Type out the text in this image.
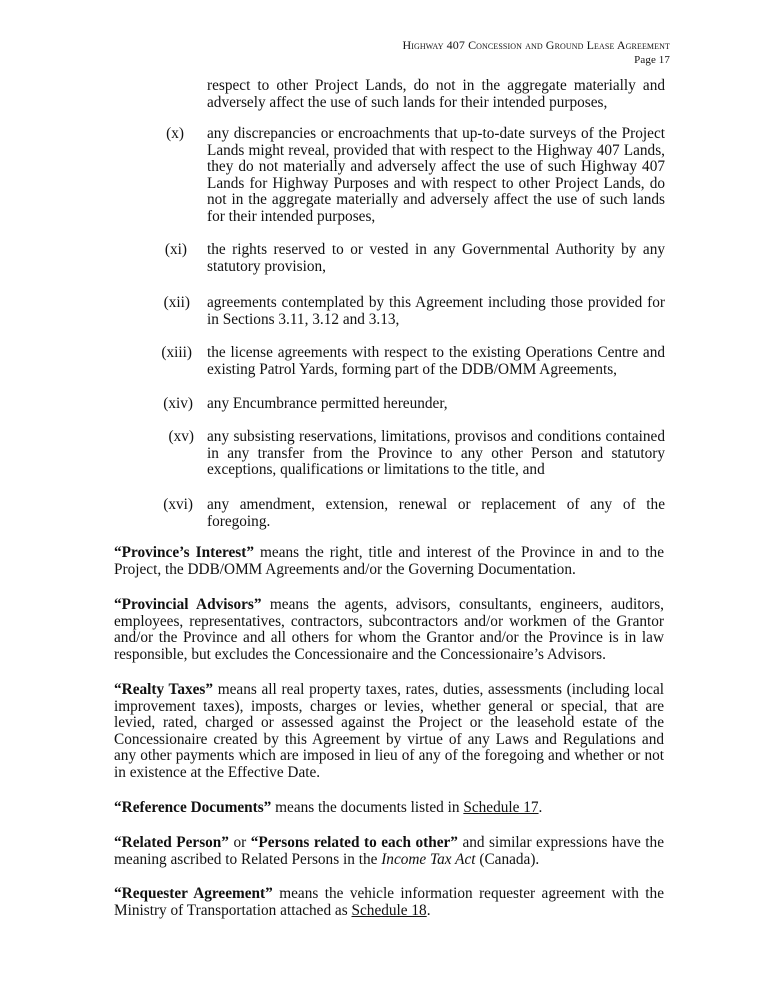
Highway 407 Concession and Ground Lease Agreement
Page 17
respect to other Project Lands, do not in the aggregate materially and adversely affect the use of such lands for their intended purposes,
(x) any discrepancies or encroachments that up-to-date surveys of the Project Lands might reveal, provided that with respect to the Highway 407 Lands, they do not materially and adversely affect the use of such Highway 407 Lands for Highway Purposes and with respect to other Project Lands, do not in the aggregate materially and adversely affect the use of such lands for their intended purposes,
(xi) the rights reserved to or vested in any Governmental Authority by any statutory provision,
(xii) agreements contemplated by this Agreement including those provided for in Sections 3.11, 3.12 and 3.13,
(xiii) the license agreements with respect to the existing Operations Centre and existing Patrol Yards, forming part of the DDB/OMM Agreements,
(xiv) any Encumbrance permitted hereunder,
(xv) any subsisting reservations, limitations, provisos and conditions contained in any transfer from the Province to any other Person and statutory exceptions, qualifications or limitations to the title, and
(xvi) any amendment, extension, renewal or replacement of any of the foregoing.
“Province’s Interest” means the right, title and interest of the Province in and to the Project, the DDB/OMM Agreements and/or the Governing Documentation.
“Provincial Advisors” means the agents, advisors, consultants, engineers, auditors, employees, representatives, contractors, subcontractors and/or workmen of the Grantor and/or the Province and all others for whom the Grantor and/or the Province is in law responsible, but excludes the Concessionaire and the Concessionaire’s Advisors.
“Realty Taxes” means all real property taxes, rates, duties, assessments (including local improvement taxes), imposts, charges or levies, whether general or special, that are levied, rated, charged or assessed against the Project or the leasehold estate of the Concessionaire created by this Agreement by virtue of any Laws and Regulations and any other payments which are imposed in lieu of any of the foregoing and whether or not in existence at the Effective Date.
“Reference Documents” means the documents listed in Schedule 17.
“Related Person” or “Persons related to each other” and similar expressions have the meaning ascribed to Related Persons in the Income Tax Act (Canada).
“Requester Agreement” means the vehicle information requester agreement with the Ministry of Transportation attached as Schedule 18.
